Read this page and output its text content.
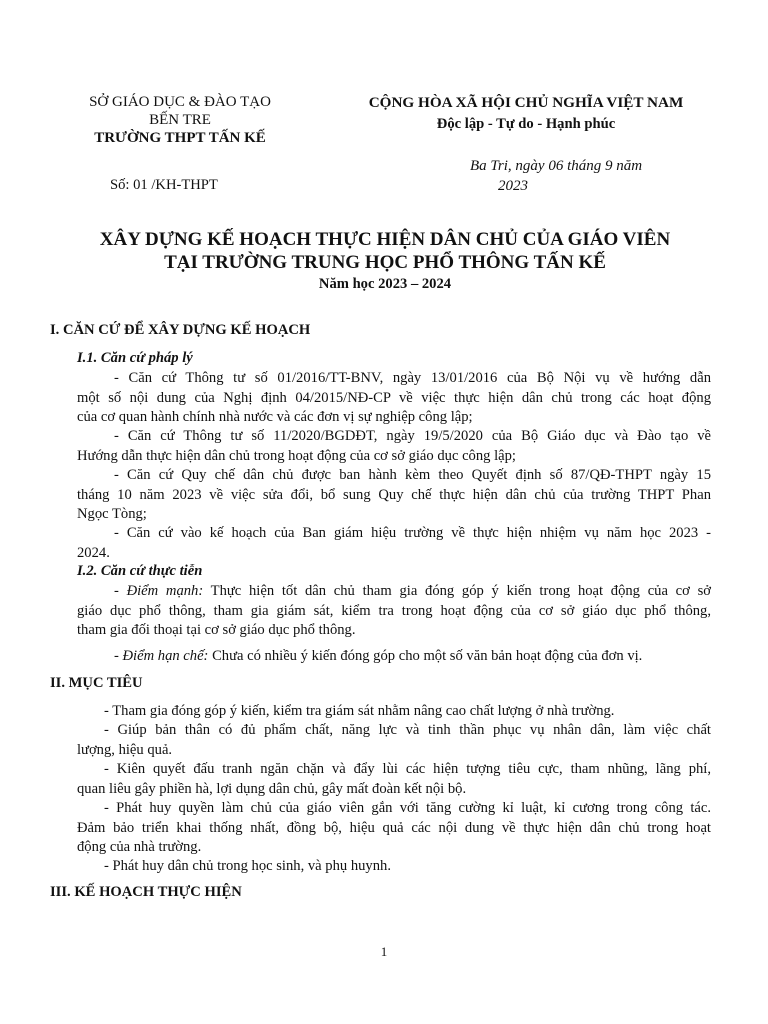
SỞ GIÁO DỤC & ĐÀO TẠO
BẾN TRE
TRƯỜNG THPT TẤN KẾ
Số: 01 /KH-THPT
CỘNG HÒA XÃ HỘI CHỦ NGHĨA VIỆT NAM
Độc lập - Tự do - Hạnh phúc
Ba Tri, ngày 06 tháng 9 năm
2023
XÂY DỰNG KẾ HOẠCH THỰC HIỆN DÂN CHỦ CỦA GIÁO VIÊN
TẠI TRƯỜNG TRUNG HỌC PHỔ THÔNG TẤN KẾ
Năm học 2023 – 2024
I. CĂN CỨ ĐỂ XÂY DỰNG KẾ HOẠCH
I.1. Căn cứ pháp lý
- Căn cứ Thông tư số 01/2016/TT-BNV, ngày 13/01/2016 của Bộ Nội vụ về hướng dẫn
một số nội dung của Nghị định 04/2015/NĐ-CP về việc thực hiện dân chủ trong các hoạt động
của cơ quan hành chính nhà nước và các đơn vị sự nghiệp công lập;
- Căn cứ Thông tư số 11/2020/BGDĐT, ngày 19/5/2020 của Bộ Giáo dục và Đào tạo về
Hướng dẫn thực hiện dân chủ trong hoạt động của cơ sở giáo dục công lập;
- Căn cứ Quy chế dân chủ được ban hành kèm theo Quyết định số 87/QĐ-THPT ngày 15
tháng 10 năm 2023 về việc sửa đổi, bổ sung Quy chế thực hiện dân chủ của trường THPT Phan
Ngọc Tòng;
- Căn cứ vào kế hoạch của Ban giám hiệu trường về thực hiện nhiệm vụ năm học 2023 -
2024.
I.2. Căn cứ thực tiễn
- Điểm mạnh: Thực hiện tốt dân chủ tham gia đóng góp ý kiến trong hoạt động của cơ sở
giáo dục phổ thông, tham gia giám sát, kiểm tra trong hoạt động của cơ sở giáo dục phổ thông,
tham gia đối thoại tại cơ sở giáo dục phổ thông.
- Điểm hạn chế: Chưa có nhiều ý kiến đóng góp cho một số văn bản hoạt động của đơn vị.
II. MỤC TIÊU
- Tham gia đóng góp ý kiến, kiểm tra giám sát nhằm nâng cao chất lượng ở nhà trường.
- Giúp bản thân có đủ phẩm chất, năng lực và tinh thần phục vụ nhân dân, làm việc chất
lượng, hiệu quả.
- Kiên quyết đấu tranh ngăn chặn và đẩy lùi các hiện tượng tiêu cực, tham nhũng, lãng phí,
quan liêu gây phiền hà, lợi dụng dân chủ, gây mất đoàn kết nội bộ.
- Phát huy quyền làm chủ của giáo viên gắn với tăng cường kỉ luật, kỉ cương trong công tác.
Đảm bảo triển khai thống nhất, đồng bộ, hiệu quả các nội dung về thực hiện dân chủ trong hoạt
động của nhà trường.
- Phát huy dân chủ trong học sinh, và phụ huynh.
III. KẾ HOẠCH THỰC HIỆN
1
